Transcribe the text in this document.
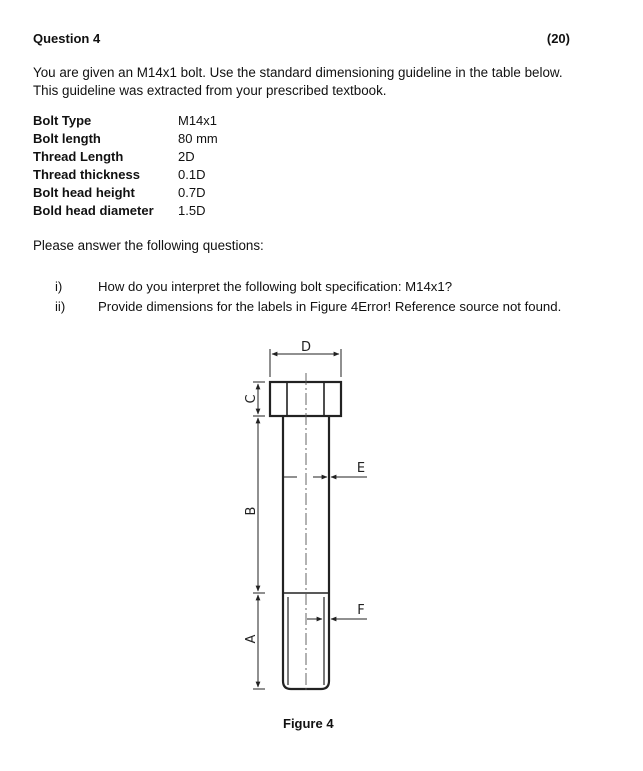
Question 4	(20)
You are given an M14x1 bolt. Use the standard dimensioning guideline in the table below.
This guideline was extracted from your prescribed textbook.
Bolt Type	M14x1
Bolt length	80 mm
Thread Length	2D
Thread thickness	0.1D
Bolt head height	0.7D
Bold head diameter	1.5D
Please answer the following questions:
i)	How do you interpret the following bolt specification: M14x1?
ii)	Provide dimensions for the labels in Figure 4Error! Reference source not found.
D
C
B
A
E
F
Figure 4
